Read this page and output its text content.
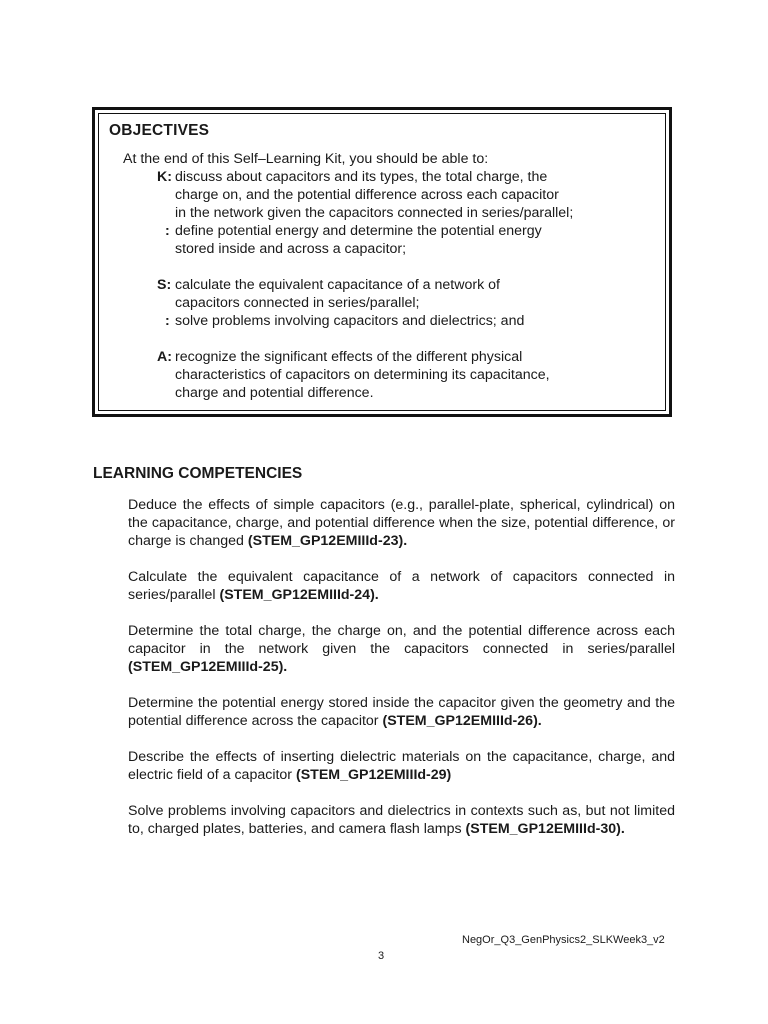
OBJECTIVES
At the end of this Self–Learning Kit, you should be able to:
K: discuss about capacitors and its types, the total charge, the
charge on, and the potential difference across each capacitor
in the network given the capacitors connected in series/parallel;
: define potential energy and determine the potential energy
stored inside and across a capacitor;
S: calculate the equivalent capacitance of a network of
capacitors connected in series/parallel;
: solve problems involving capacitors and dielectrics; and
A: recognize the significant effects of the different physical
characteristics of capacitors on determining its capacitance,
charge and potential difference.
LEARNING COMPETENCIES

Deduce the effects of simple capacitors (e.g., parallel-plate, spherical, cylindrical) on the capacitance, charge, and potential difference when the size, potential difference, or charge is changed (STEM_GP12EMIIId-23).

Calculate the equivalent capacitance of a network of capacitors connected in series/parallel (STEM_GP12EMIIId-24).

Determine the total charge, the charge on, and the potential difference across each capacitor in the network given the capacitors connected in series/parallel (STEM_GP12EMIIId-25).

Determine the potential energy stored inside the capacitor given the geometry and the potential difference across the capacitor (STEM_GP12EMIIId-26).

Describe the effects of inserting dielectric materials on the capacitance, charge, and electric field of a capacitor (STEM_GP12EMIIId-29)

Solve problems involving capacitors and dielectrics in contexts such as, but not limited to, charged plates, batteries, and camera flash lamps (STEM_GP12EMIIId-30).

NegOr_Q3_GenPhysics2_SLKWeek3_v2
3
